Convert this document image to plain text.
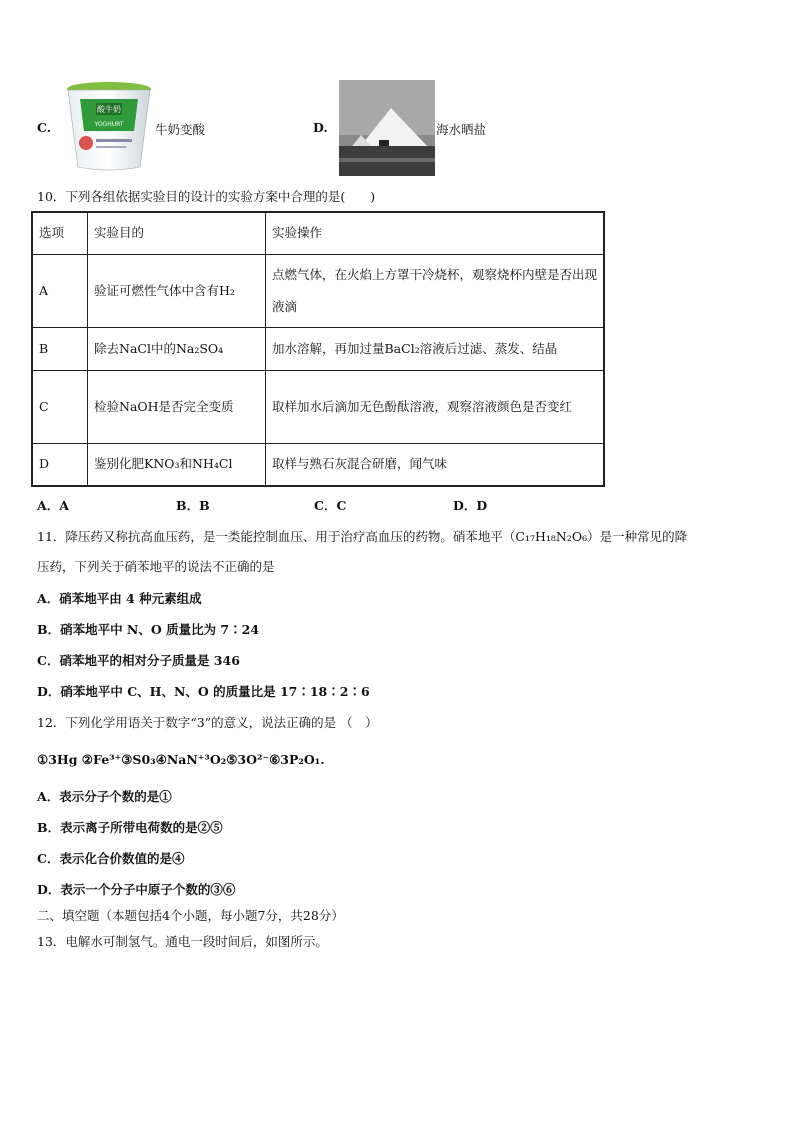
C.
酸牛奶
YOGHURT	牛奶变酸	D.	海水晒盐
10．下列各组依据实验目的设计的实验方案中合理的是(　　)
选项	实验目的	实验操作
A	验证可燃性气体中含有H₂	点燃气体，在火焰上方罩干冷烧杯，观察烧杯内壁是否出现液滴
B	除去NaCl中的Na₂SO₄	加水溶解，再加过量BaCl₂溶液后过滤、蒸发、结晶
C	检验NaOH是否完全变质	取样加水后滴加无色酚酞溶液，观察溶液颜色是否变红
D	鉴别化肥KNO₃和NH₄Cl	取样与熟石灰混合研磨，闻气味
A．A	B．B	C．C	D．D
11．降压药又称抗高血压药，是一类能控制血压、用于治疗高血压的药物。硝苯地平（C₁₇H₁₈N₂O₆）是一种常见的降
压药，下列关于硝苯地平的说法不正确的是
A．硝苯地平由 4 种元素组成
B．硝苯地平中 N、O 质量比为 7∶24
C．硝苯地平的相对分子质量是 346
D．硝苯地平中 C、H、N、O 的质量比是 17∶18∶2∶6
12．下列化学用语关于数字“3”的意义，说法正确的是 （　）
①3Hg ②Fe³⁺③S0₃④NaN⁺³O₂⑤3O²⁻⑥3P₂O₁.
A．表示分子个数的是①
B．表示离子所带电荷数的是②⑤
C．表示化合价数值的是④
D．表示一个分子中原子个数的③⑥
二、填空题（本题包括4个小题，每小题7分，共28分）
13．电解水可制氢气。通电一段时间后，如图所示。
